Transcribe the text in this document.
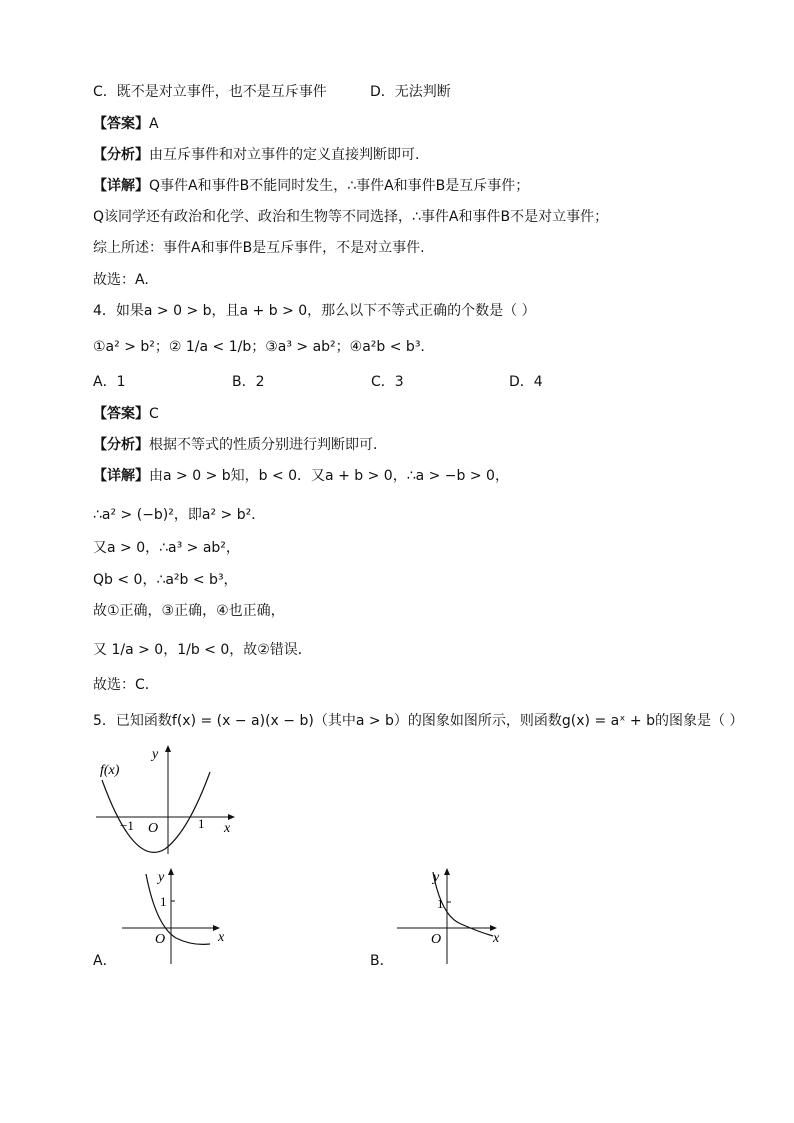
C．既不是对立事件，也不是互斥事件	D．无法判断
【答案】A
【分析】由互斥事件和对立事件的定义直接判断即可.
【详解】Q事件A和事件B不能同时发生，∴事件A和事件B是互斥事件；
Q该同学还有政治和化学、政治和生物等不同选择，∴事件A和事件B不是对立事件；
综上所述：事件A和事件B是互斥事件，不是对立事件.
故选：A.
4．如果a > 0 > b，且a + b > 0，那么以下不等式正确的个数是（ ）
①a² > b²；② 1/a < 1/b；③a³ > ab²；④a²b < b³.
A．1	B．2	C．3	D．4
【答案】C
【分析】根据不等式的性质分别进行判断即可．
【详解】由a > 0 > b知，b < 0．又a + b > 0，∴a > −b > 0，
∴a² > (−b)²，即a² > b²．
又a > 0，∴a³ > ab²，
Qb < 0，∴a²b < b³，
故①正确，③正确，④也正确，
又 1/a > 0，1/b < 0，故②错误．
故选：C．
5．已知函数f(x) = (x − a)(x − b)（其中a > b）的图象如图所示，则函数g(x) = aˣ + b的图象是（ ）
f(x)
y
x
O
−1	1
y
1
O	x
A．
y
1
O	x
B．
